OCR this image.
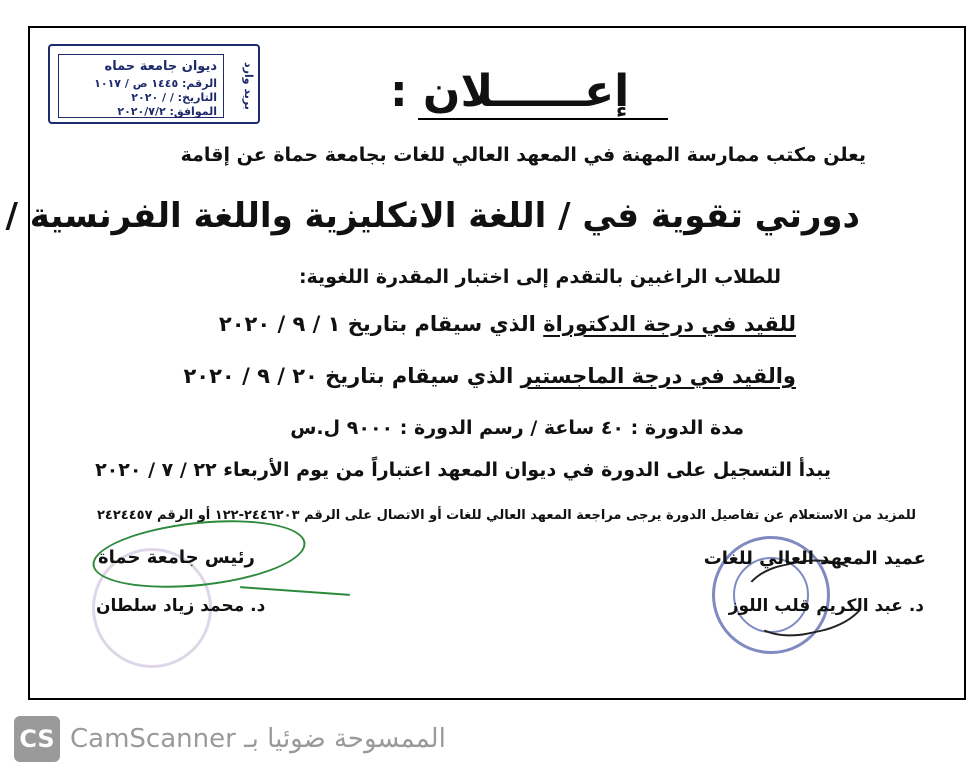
ديوان جامعة حماه
الرقم: ١٤٤٥ ص / ١٠١٧
التاريخ: / / ٢٠٢٠
الموافق: ٢٠٢٠/٧/٢
بريد وارد	إعــــــلان :
يعلن مكتب ممارسة المهنة في المعهد العالي للغات بجامعة حماة عن إقامة
دورتي تقوية في / اللغة الانكليزية واللغة الفرنسية /
للطلاب الراغبين بالتقدم إلى اختبار المقدرة اللغوية:
للقيد في درجة الدكتوراة الذي سيقام بتاريخ ١ / ٩ / ٢٠٢٠
والقيد في درجة الماجستير الذي سيقام بتاريخ ٢٠ / ٩ / ٢٠٢٠
مدة الدورة : ٤٠ ساعة / رسم الدورة : ٩٠٠٠ ل.س
يبدأ التسجيل على الدورة في ديوان المعهد اعتباراً من يوم الأربعاء ٢٢ / ٧ / ٢٠٢٠
للمزيد من الاستعلام عن تفاصيل الدورة يرجى مراجعة المعهد العالي للغات أو الاتصال على الرقم ٢٤٤٦٢٠٣-١٢٢ أو الرقم ٢٤٢٤٤٥٧
رئيس جامعة حماة
د. محمد زياد سلطان
عميد المعهد العالي للغات
د. عبد الكريم قلب اللوز
CS CamScanner الممسوحة ضوئيا بـ
